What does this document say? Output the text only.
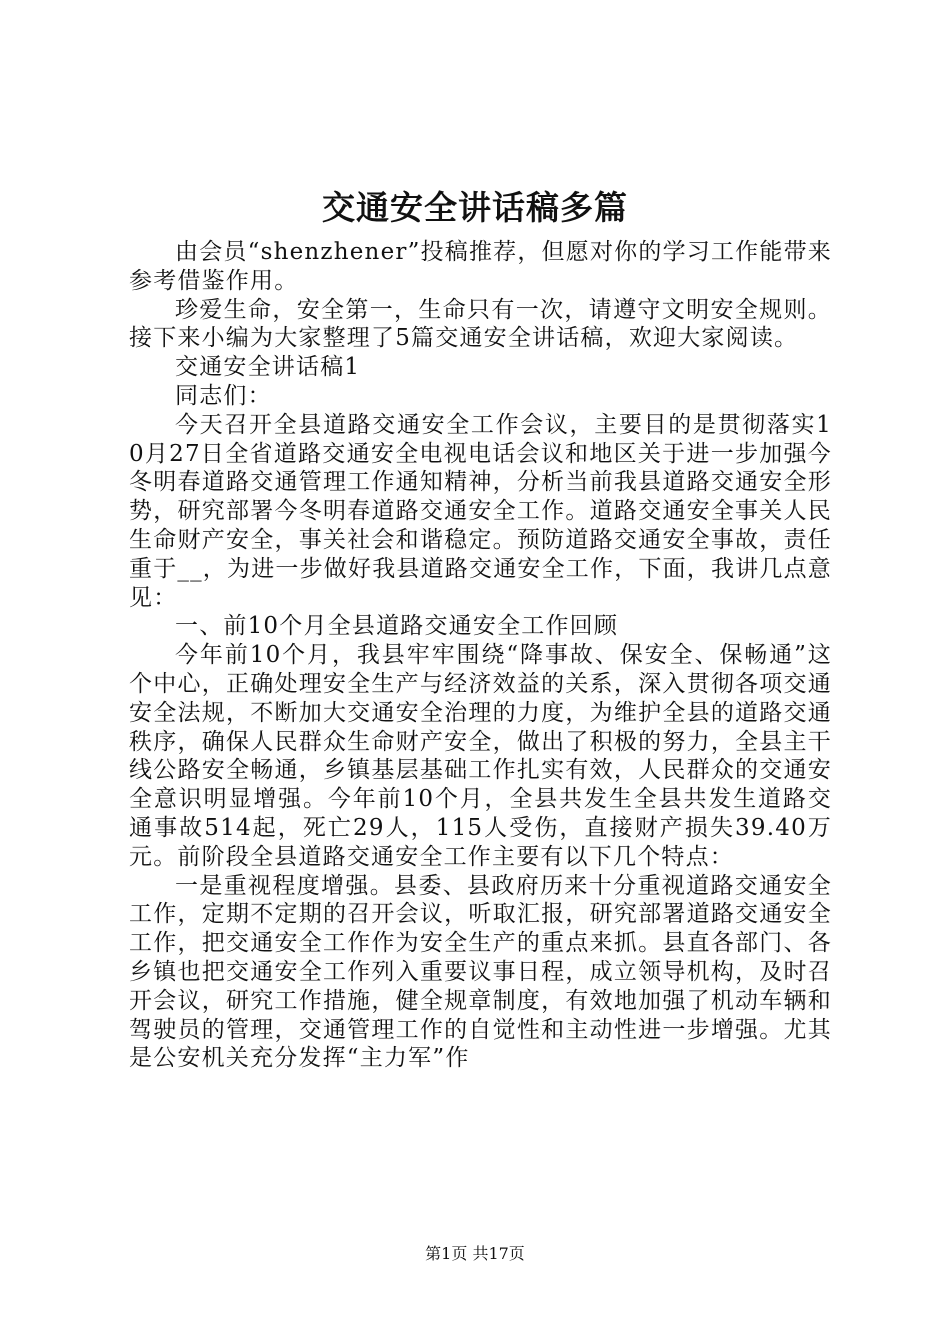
交通安全讲话稿多篇

由会员“shenzhener”投稿推荐，但愿对你的学习工作能带来参考借鉴作用。

珍爱生命，安全第一，生命只有一次，请遵守文明安全规则。接下来小编为大家整理了5篇交通安全讲话稿，欢迎大家阅读。

交通安全讲话稿1

同志们：

今天召开全县道路交通安全工作会议，主要目的是贯彻落实10月27日全省道路交通安全电视电话会议和地区关于进一步加强今冬明春道路交通管理工作通知精神，分析当前我县道路交通安全形势，研究部署今冬明春道路交通安全工作。道路交通安全事关人民生命财产安全，事关社会和谐稳定。预防道路交通安全事故，责任重于__，为进一步做好我县道路交通安全工作，下面，我讲几点意见：

一、前10个月全县道路交通安全工作回顾

今年前10个月，我县牢牢围绕“降事故、保安全、保畅通”这个中心，正确处理安全生产与经济效益的关系，深入贯彻各项交通安全法规，不断加大交通安全治理的力度，为维护全县的道路交通秩序，确保人民群众生命财产安全，做出了积极的努力，全县主干线公路安全畅通，乡镇基层基础工作扎实有效，人民群众的交通安全意识明显增强。今年前10个月，全县共发生全县共发生道路交通事故514起，死亡29人，115人受伤，直接财产损失39.40万元。前阶段全县道路交通安全工作主要有以下几个特点：

一是重视程度增强。县委、县政府历来十分重视道路交通安全工作，定期不定期的召开会议，听取汇报，研究部署道路交通安全工作，把交通安全工作作为安全生产的重点来抓。县直各部门、各乡镇也把交通安全工作列入重要议事日程，成立领导机构，及时召开会议，研究工作措施，健全规章制度，有效地加强了机动车辆和驾驶员的管理，交通管理工作的自觉性和主动性进一步增强。尤其是公安机关充分发挥“主力军”作

第1页 共17页
